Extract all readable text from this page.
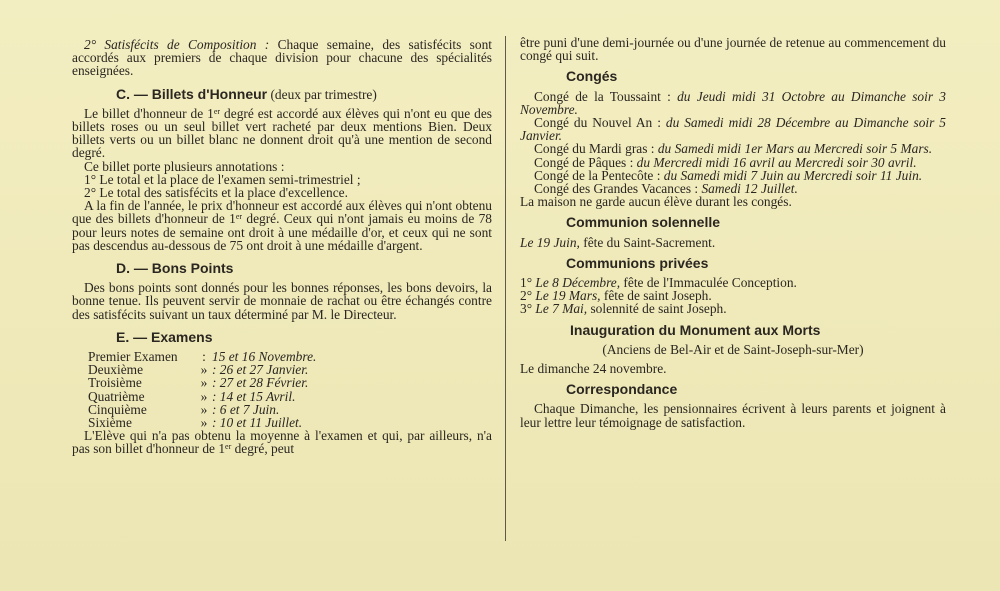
2° Satisfécits de Composition : Chaque semaine, des satisfécits sont accordés aux premiers de chaque division pour chacune des spécialités enseignées.

C. — Billets d'Honneur (deux par trimestre)

Le billet d'honneur de 1er degré est accordé aux élèves qui n'ont eu que des billets roses ou un seul billet vert racheté par deux mentions Bien. Deux billets verts ou un billet blanc ne donnent droit qu'à une mention de second degré.

Ce billet porte plusieurs annotations :

1° Le total et la place de l'examen semi-trimestriel ;

2° Le total des satisfécits et la place d'excellence.

A la fin de l'année, le prix d'honneur est accordé aux élèves qui n'ont obtenu que des billets d'honneur de 1er degré. Ceux qui n'ont jamais eu moins de 78 pour leurs notes de semaine ont droit à une médaille d'or, et ceux qui ne sont pas descendus au-dessous de 75 ont droit à une médaille d'argent.

D. — Bons Points

Des bons points sont donnés pour les bonnes réponses, les bons devoirs, la bonne tenue. Ils peuvent servir de monnaie de rachat ou être échangés contre des satisfécits suivant un taux déterminé par M. le Directeur.

E. — Examens
Premier Examen	: 15 et 16 Novembre.
Deuxième	» : 26 et 27 Janvier.
Troisième	» : 27 et 28 Février.
Quatrième	» : 14 et 15 Avril.
Cinquième	» : 6 et 7 Juin.
Sixième	» : 10 et 11 Juillet.

L'Elève qui n'a pas obtenu la moyenne à l'examen et qui, par ailleurs, n'a pas son billet d'honneur de 1er degré, peut

être puni d'une demi-journée ou d'une journée de retenue au commencement du congé qui suit.

Congés

Congé de la Toussaint : du Jeudi midi 31 Octobre au Dimanche soir 3 Novembre.

Congé du Nouvel An : du Samedi midi 28 Décembre au Dimanche soir 5 Janvier.

Congé du Mardi gras : du Samedi midi 1er Mars au Mercredi soir 5 Mars.

Congé de Pâques : du Mercredi midi 16 avril au Mercredi soir 30 avril.

Congé de la Pentecôte : du Samedi midi 7 Juin au Mercredi soir 11 Juin.

Congé des Grandes Vacances : Samedi 12 Juillet.

La maison ne garde aucun élève durant les congés.

Communion solennelle

Le 19 Juin, fête du Saint-Sacrement.

Communions privées

1° Le 8 Décembre, fête de l'Immaculée Conception.

2° Le 19 Mars, fête de saint Joseph.

3° Le 7 Mai, solennité de saint Joseph.

Inauguration du Monument aux Morts

(Anciens de Bel-Air et de Saint-Joseph-sur-Mer)

Le dimanche 24 novembre.

Correspondance

Chaque Dimanche, les pensionnaires écrivent à leurs parents et joignent à leur lettre leur témoignage de satisfaction.
